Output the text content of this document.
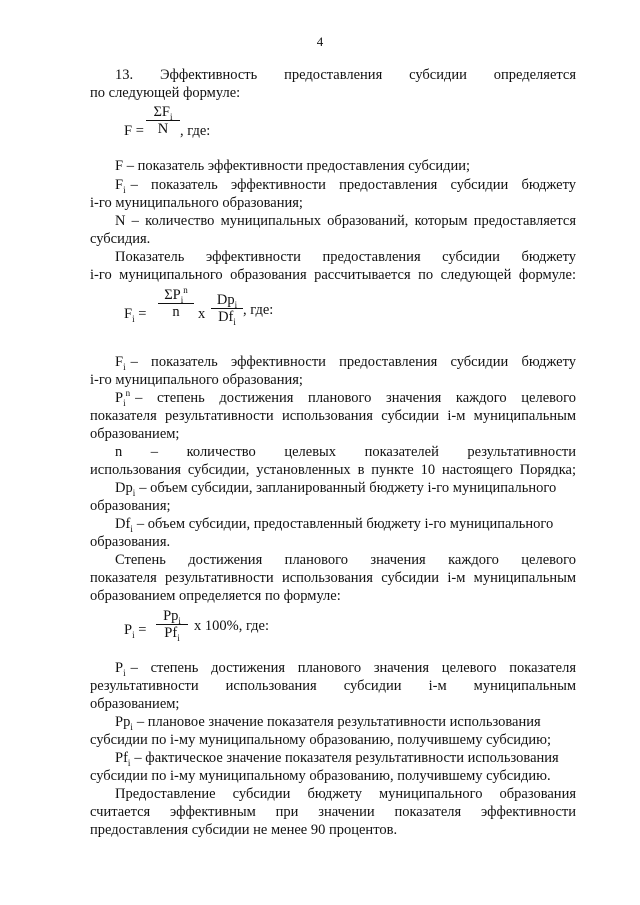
4
13. Эффективность предоставления субсидии определяется
по следующей формуле:
F =
$\Sigma F_i$
N , где:
F – показатель эффективности предоставления субсидии;
$F_i$ – показатель эффективности предоставления субсидии бюджету
i-го муниципального образования;
N – количество муниципальных образований, которым предоставляется
субсидия.
Показатель эффективности предоставления субсидии бюджету
i-го муниципального образования рассчитывается по следующей формуле:
$F_i$ =
$\Sigma P_i^n$
n	x
$Dp_i$
$Df_i$
, где:
$F_i$ – показатель эффективности предоставления субсидии бюджету
i-го муниципального образования;
$P_i^n$ – степень достижения планового значения каждого целевого
показателя результативности использования субсидии i-м муниципальным
образованием;
n – количество целевых показателей результативности
использования субсидии, установленных в пункте 10 настоящего Порядка;
$Dp_i$ – объем субсидии, запланированный бюджету i-го муниципального
образования;
$Df_i$ – объем субсидии, предоставленный бюджету i-го муниципального
образования.
Степень достижения планового значения каждого целевого
показателя результативности использования субсидии i-м муниципальным
образованием определяется по формуле:
$P_i$ =
$Pp_i$
$Pf_i$
x 100%, где:
$P_i$ – степень достижения планового значения целевого показателя
результативности использования субсидии i-м муниципальным
образованием;
$Pp_i$ – плановое значение показателя результативности использования
субсидии по i-му муниципальному образованию, получившему субсидию;
$Pf_i$ – фактическое значение показателя результативности использования
субсидии по i-му муниципальному образованию, получившему субсидию.
Предоставление субсидии бюджету муниципального образования
считается эффективным при значении показателя эффективности
предоставления субсидии не менее 90 процентов.
